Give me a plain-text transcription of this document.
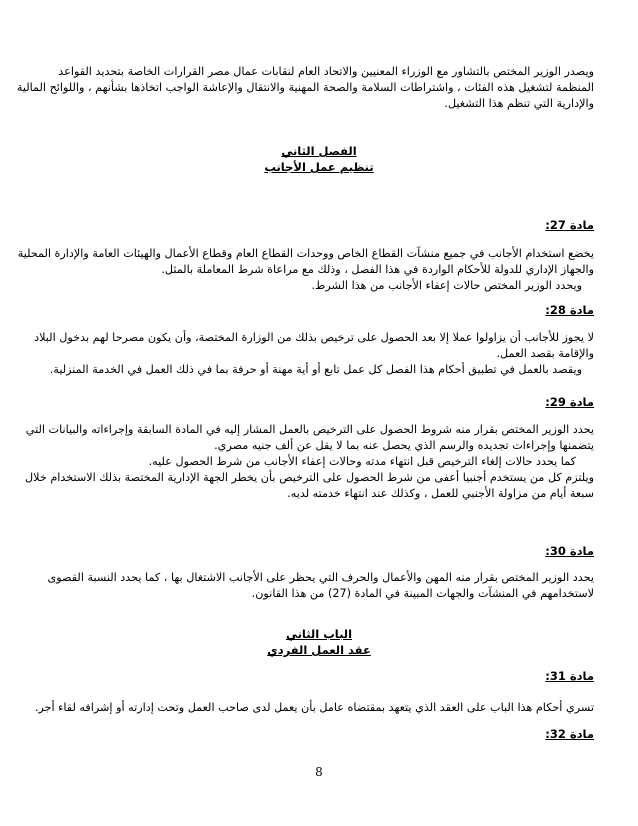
ويصدر الوزير المختص بالتشاور مع الوزراء المعنيين والاتحاد العام لنقابات عمال مصر القرارات الخاصة بتحديد القواعد
المنظمة لتشغيل هذه الفئات ، واشتراطات السلامة والصحة المهنية والانتقال والإعاشة الواجب اتخاذها بشأنهم ، واللوائح المالية
والإدارية التي تنظم هذا التشغيل.
الفصل الثاني
تنظيم عمل الأجانب
مادة 27:
يخضع استخدام الأجانب في جميع منشآت القطاع الخاص ووحدات القطاع العام وقطاع الأعمال والهيئات العامة والإدارة المحلية
والجهاز الإداري للدولة للأحكام الواردة في هذا الفصل ، وذلك مع مراعاة شرط المعاملة بالمثل.
ويحدد الوزير المختص حالات إعفاء الأجانب من هذا الشرط.
مادة 28:
لا يجوز للأجانب أن يزاولوا عملا إلا بعد الحصول على ترخيص بذلك من الوزارة المختصة، وأن يكون مصرحا لهم بدخول البلاد
والإقامة بقصد العمل.
ويقصد بالعمل في تطبيق أحكام هذا الفصل كل عمل تابع أو أية مهنة أو حرفة بما في ذلك العمل في الخدمة المنزلية.
مادة 29:
يحدد الوزير المختص بقرار منه شروط الحصول على الترخيص بالعمل المشار إليه في المادة السابقة وإجراءاته والبيانات التي
يتضمنها وإجراءات تجديده والرسم الذي يحصل عنه بما لا يقل عن ألف جنيه مصري.
كما يحدد حالات إلغاء الترخيص قبل انتهاء مدته وحالات إعفاء الأجانب من شرط الحصول عليه.
ويلتزم كل من يستخدم أجنبيا أعفى من شرط الحصول على الترخيص بأن يخطر الجهة الإدارية المختصة بذلك الاستخدام خلال
سبعة أيام من مزاولة الأجنبي للعمل ، وكذلك عند انتهاء خدمته لديه.
مادة 30:
يحدد الوزير المختص بقرار منه المهن والأعمال والحرف التي يحظر على الأجانب الاشتغال بها ، كما يحدد النسبة القصوى
لاستخدامهم في المنشآت والجهات المبينة في المادة (27) من هذا القانون.
الباب الثاني
عقد العمل الفردي
مادة 31:
تسري أحكام هذا الباب على العقد الذي يتعهد بمقتضاه عامل بأن يعمل لدى صاحب العمل وتحت إدارته أو إشرافه لقاء أجر.
مادة 32:
8
